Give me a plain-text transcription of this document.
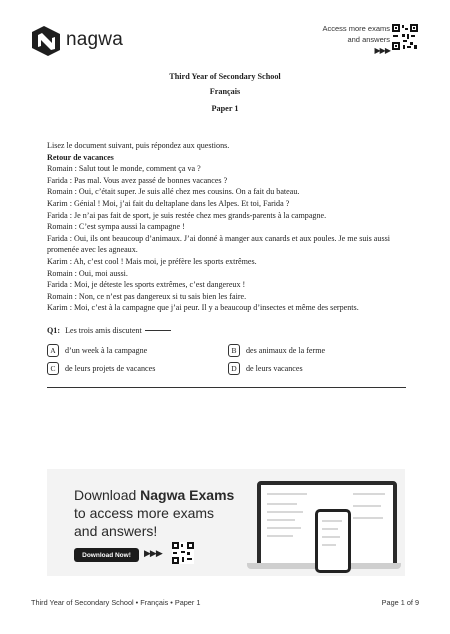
nagwa
Access more exams
and answers
▶▶▶
Third Year of Secondary School
Français
Paper 1

Lisez le document suivant, puis répondez aux questions.

Retour de vacances

Romain : Salut tout le monde, comment ça va ?

Farida : Pas mal. Vous avez passé de bonnes vacances ?

Romain : Oui, c’était super. Je suis allé chez mes cousins. On a fait du bateau.

Karim : Génial ! Moi, j’ai fait du deltaplane dans les Alpes. Et toi, Farida ?

Farida : Je n’ai pas fait de sport, je suis restée chez mes grands-parents à la campagne.

Romain : C’est sympa aussi la campagne !

Farida : Oui, ils ont beaucoup d’animaux. J’ai donné à manger aux canards et aux poules. Je me suis aussi promenée avec les agneaux.

Karim : Ah, c’est cool ! Mais moi, je préfère les sports extrêmes.

Romain : Oui, moi aussi.

Farida : Moi, je déteste les sports extrêmes, c’est dangereux !

Romain : Non, ce n’est pas dangereux si tu sais bien les faire.

Karim : Moi, c’est à la campagne que j’ai peur. Il y a beaucoup d’insectes et même des serpents.

Q1: Les trois amis discutent
A	d’un week à la campagne	B	des animaux de la ferme
C	de leurs projets de vacances	D	de leurs vacances
Download Nagwa Exams
to access more exams
and answers!
Download Now!	▶▶▶
Third Year of Secondary School • Français • Paper 1	Page 1 of 9
